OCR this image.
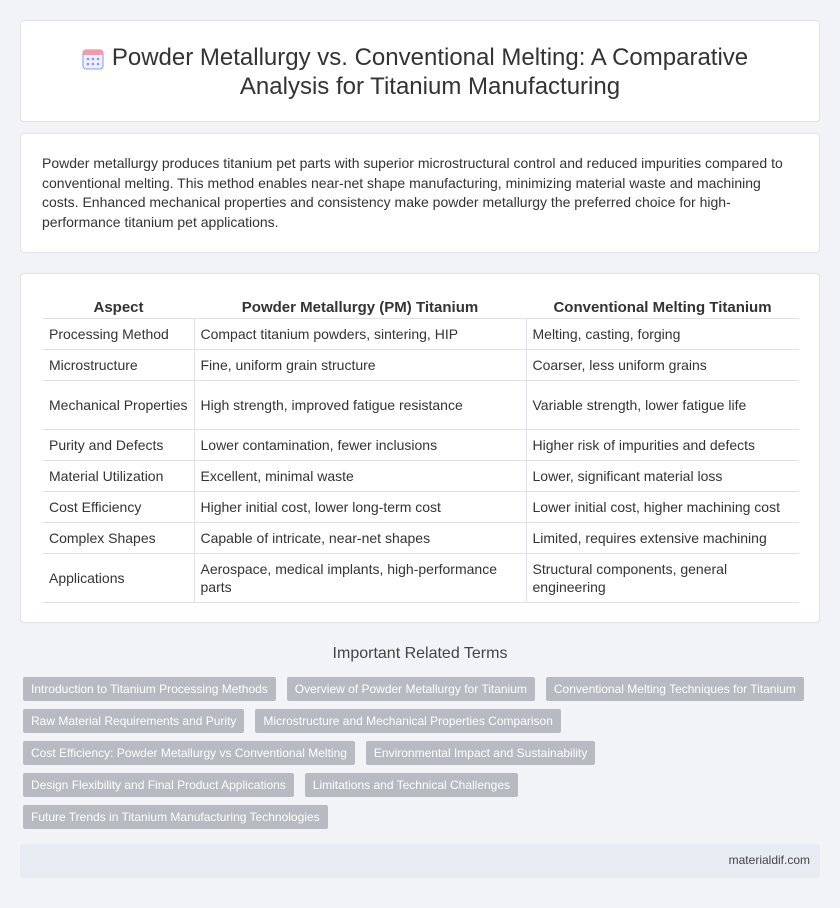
Powder Metallurgy vs. Conventional Melting: A Comparative Analysis for Titanium Manufacturing

Powder metallurgy produces titanium pet parts with superior microstructural control and reduced impurities compared to conventional melting. This method enables near-net shape manufacturing, minimizing material waste and machining costs. Enhanced mechanical properties and consistency make powder metallurgy the preferred choice for high-performance titanium pet applications.

Aspect	Powder Metallurgy (PM) Titanium	Conventional Melting Titanium
Processing Method	Compact titanium powders, sintering, HIP	Melting, casting, forging
Microstructure	Fine, uniform grain structure	Coarser, less uniform grains
Mechanical Properties	High strength, improved fatigue resistance	Variable strength, lower fatigue life
Purity and Defects	Lower contamination, fewer inclusions	Higher risk of impurities and defects
Material Utilization	Excellent, minimal waste	Lower, significant material loss
Cost Efficiency	Higher initial cost, lower long-term cost	Lower initial cost, higher machining cost
Complex Shapes	Capable of intricate, near-net shapes	Limited, requires extensive machining
Applications	Aerospace, medical implants, high-performance parts	Structural components, general engineering
Important Related Terms
Introduction to Titanium Processing Methods Overview of Powder Metallurgy for Titanium Conventional Melting Techniques for Titanium
Raw Material Requirements and Purity Microstructure and Mechanical Properties Comparison
Cost Efficiency: Powder Metallurgy vs Conventional Melting Environmental Impact and Sustainability
Design Flexibility and Final Product Applications Limitations and Technical Challenges
Future Trends in Titanium Manufacturing Technologies
materialdif.com
